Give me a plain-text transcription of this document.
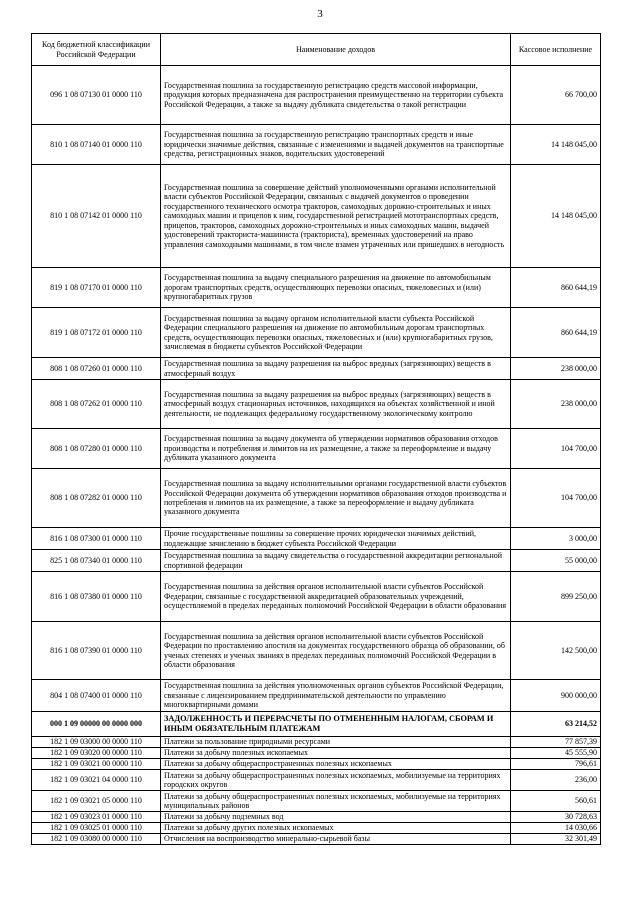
3
Код бюджетной классификации Российской Федерации	Наименование доходов	Кассовое исполнение
096 1 08 07130 01 0000 110	Государственная пошлина за государственную регистрацию средств массовой информации, продукция которых предназначена для распространения преимущественно на территории субъекта Российской Федерации, а также за выдачу дубликата свидетельства о такой регистрации	66 700,00
810 1 08 07140 01 0000 110	Государственная пошлина за государственную регистрацию транспортных средств и иные юридически значимые действия, связанные с изменениями и выдачей документов на транспортные средства, регистрационных знаков, водительских удостоверений	14 148 045,00
810 1 08 07142 01 0000 110	Государственная пошлина за совершение действий уполномоченными органами исполнительной власти субъектов Российской Федерации, связанных с выдачей документов о проведении государственного технического осмотра тракторов, самоходных дорожно-строительных и иных самоходных машин и прицепов к ним, государственной регистрацией мототранспортных средств, прицепов, тракторов, самоходных дорожно-строительных и иных самоходных машин, выдачей удостоверений тракториста-машиниста (тракториста), временных удостоверений на право управления самоходными машинами, в том числе взамен утраченных или пришедших в негодность	14 148 045,00
819 1 08 07170 01 0000 110	Государственная пошлина за выдачу специального разрешения на движение по автомобильным дорогам транспортных средств, осуществляющих перевозки опасных, тяжеловесных и (или) крупногабаритных грузов	860 644,19
819 1 08 07172 01 0000 110	Государственная пошлина за выдачу органом исполнительной власти субъекта Российской Федерации специального разрешения на движение по автомобильным дорогам транспортных средств, осуществляющих перевозки опасных, тяжеловесных и (или) крупногабаритных грузов, зачисляемая в бюджеты субъектов Российской Федерации	860 644,19
808 1 08 07260 01 0000 110	Государственная пошлина за выдачу разрешения на выброс вредных (загрязняющих) веществ в атмосферный воздух	238 000,00
808 1 08 07262 01 0000 110	Государственная пошлина за выдачу разрешения на выброс вредных (загрязняющих) веществ в атмосферный воздух стационарных источников, находящихся на объектах хозяйственной и иной деятельности, не подлежащих федеральному государственному экологическому контролю	238 000,00
808 1 08 07280 01 0000 110	Государственная пошлина за выдачу документа об утверждении нормативов образования отходов производства и потребления и лимитов на их размещение, а также за переоформление и выдачу дубликата указанного документа	104 700,00
808 1 08 07282 01 0000 110	Государственная пошлина за выдачу исполнительными органами государственной власти субъектов Российской Федерации документа об утверждении нормативов образования отходов производства и потребления и лимитов на их размещение, а также за переоформление и выдачу дубликата указанного документа	104 700,00
816 1 08 07300 01 0000 110	Прочие государственные пошлины за совершение прочих юридически значимых действий, подлежащие зачислению в бюджет субъекта Российской Федерации	3 000,00
825 1 08 07340 01 0000 110	Государственная пошлина за выдачу свидетельства о государственной аккредитации региональной спортивной федерации	55 000,00
816 1 08 07380 01 0000 110	Государственная пошлина за действия органов исполнительной власти субъектов Российской Федерации, связанные с государственной аккредитацией образовательных учреждений, осуществляемой в пределах переданных полномочий Российской Федерации в области образования	899 250,00
816 1 08 07390 01 0000 110	Государственная пошлина за действия органов исполнительной власти субъектов Российской Федерации по проставлению апостиля на документах государственного образца об образовании, об ученых степенях и ученых званиях в пределах переданных полномочий Российской Федерации в области образования	142 500,00
804 1 08 07400 01 0000 110	Государственная пошлина за действия уполномоченных органов субъектов Российской Федерации, связанные с лицензированием предпринимательской деятельности по управлению многоквартирными домами	900 000,00
000 1 09 00000 00 0000 000	ЗАДОЛЖЕННОСТЬ И ПЕРЕРАСЧЕТЫ ПО ОТМЕНЕННЫМ НАЛОГАМ, СБОРАМ И ИНЫМ ОБЯЗАТЕЛЬНЫМ ПЛАТЕЖАМ	63 214,52
182 1 09 03000 00 0000 110	Платежи за пользование природными ресурсами	77 857,39
182 1 09 03020 00 0000 110	Платежи за добычу полезных ископаемых	45 555,90
182 1 09 03021 00 0000 110	Платежи за добычу общераспространенных полезных ископаемых	796,61
182 1 09 03021 04 0000 110	Платежи за добычу общераспространенных полезных ископаемых, мобилизуемые на территориях городских округов	236,00
182 1 09 03021 05 0000 110	Платежи за добычу общераспространенных полезных ископаемых, мобилизуемые на территориях муниципальных районов	560,61
182 1 09 03023 01 0000 110	Платежи за добычу подземных вод	30 728,63
182 1 09 03025 01 0000 110	Платежи за добычу других полезных ископаемых	14 030,66
182 1 09 03080 00 0000 110	Отчисления на воспроизводство минерально-сырьевой базы	32 301,49
